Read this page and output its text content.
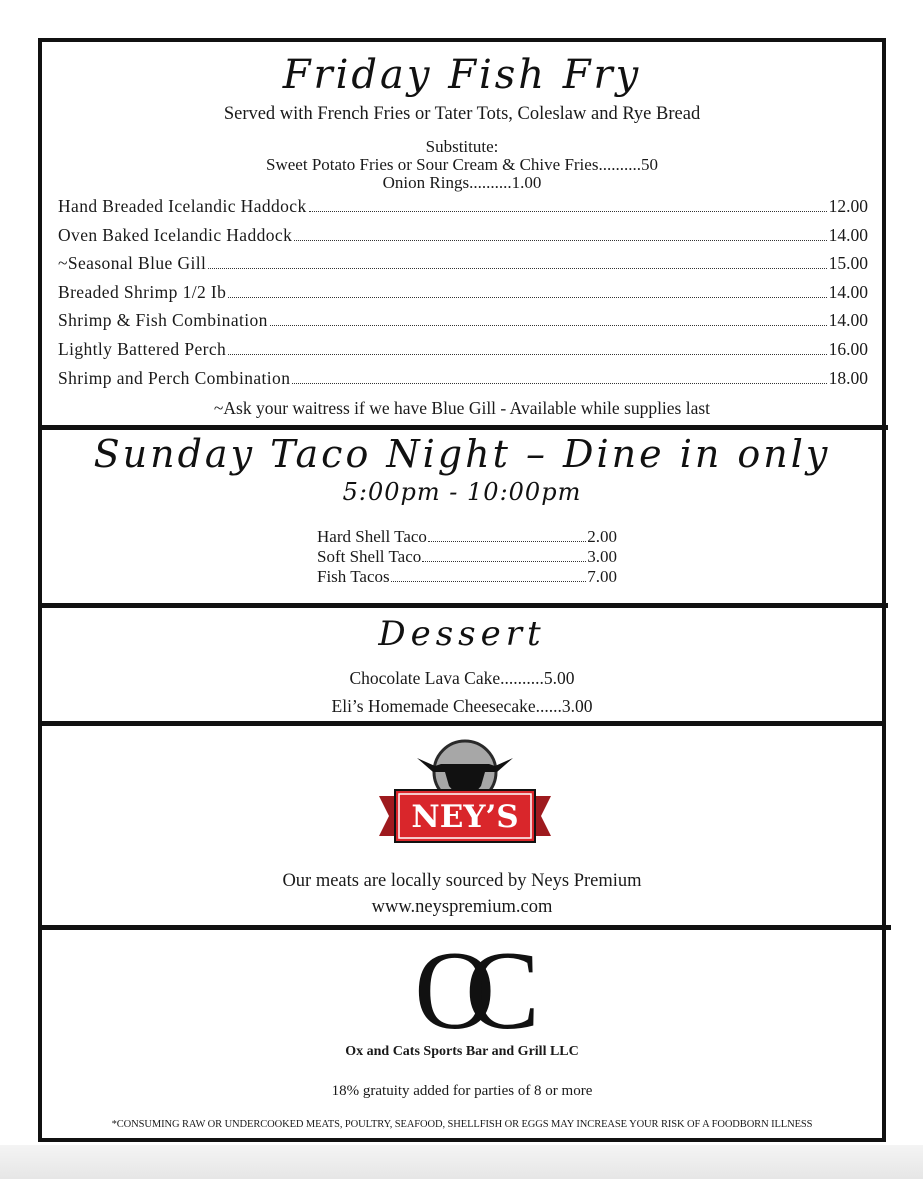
Friday Fish Fry
Served with French Fries or Tater Tots, Coleslaw and Rye Bread
Substitute:
Sweet Potato Fries or Sour Cream & Chive Fries..........50
Onion Rings..........1.00
Hand Breaded Icelandic Haddock	12.00
Oven Baked Icelandic Haddock	14.00
~Seasonal Blue Gill	15.00
Breaded Shrimp 1/2 Ib	14.00
Shrimp & Fish Combination	14.00
Lightly Battered Perch	16.00
Shrimp and Perch Combination	18.00
~Ask your waitress if we have Blue Gill - Available while supplies last
Sunday Taco Night – Dine in only
5:00pm - 10:00pm
Hard Shell Taco	2.00
Soft Shell Taco	3.00
Fish Tacos	7.00
Dessert
Chocolate Lava Cake..........5.00
Eli’s Homemade Cheesecake......3.00
NEY’S
Our meats are locally sourced by Neys Premium
www.neyspremium.com
OC
Ox and Cats Sports Bar and Grill LLC
18% gratuity added for parties of 8 or more
*CONSUMING RAW OR UNDERCOOKED MEATS, POULTRY, SEAFOOD, SHELLFISH OR EGGS MAY INCREASE YOUR RISK OF A FOODBORN ILLNESS
